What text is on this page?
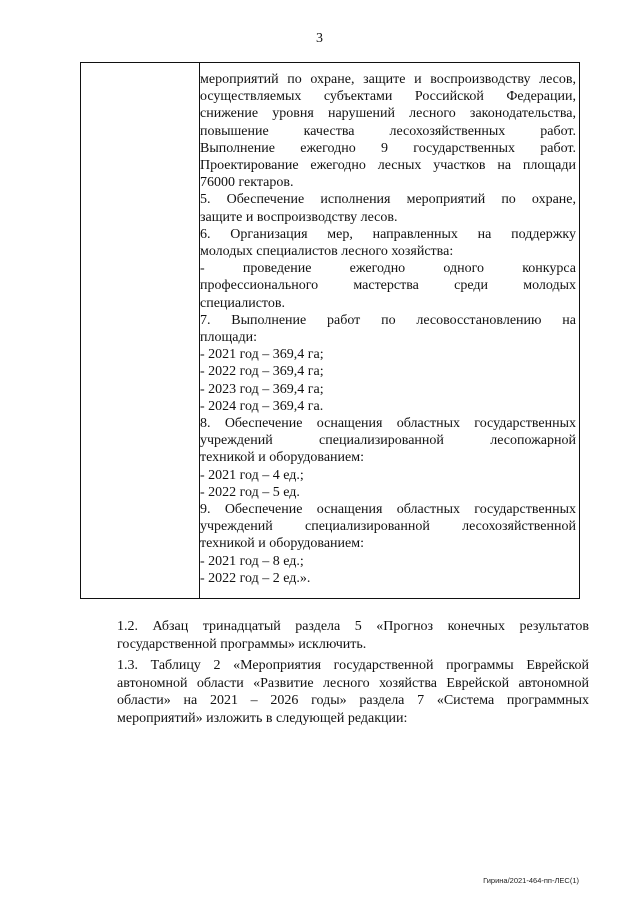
3
мероприятий по охране, защите и воспроизводству лесов,
осуществляемых субъектами Российской Федерации,
снижение уровня нарушений лесного законодательства,
повышение качества лесохозяйственных работ.
Выполнение ежегодно 9 государственных работ.
Проектирование ежегодно лесных участков на площади
76000 гектаров.
5. Обеспечение исполнения мероприятий по охране,
защите и воспроизводству лесов.
6. Организация мер, направленных на поддержку
молодых специалистов лесного хозяйства:
- проведение ежегодно одного конкурса
профессионального мастерства среди молодых
специалистов.
7. Выполнение работ по лесовосстановлению на
площади:
- 2021 год – 369,4 га;
- 2022 год – 369,4 га;
- 2023 год – 369,4 га;
- 2024 год – 369,4 га.
8. Обеспечение оснащения областных государственных
учреждений специализированной лесопожарной
техникой и оборудованием:
- 2021 год – 4 ед.;
- 2022 год – 5 ед.
9. Обеспечение оснащения областных государственных
учреждений специализированной лесохозяйственной
техникой и оборудованием:
- 2021 год – 8 ед.;
- 2022 год – 2 ед.».
1.2. Абзац тринадцатый раздела 5 «Прогноз конечных результатов
государственной программы» исключить.
1.3. Таблицу 2 «Мероприятия государственной программы Еврейской
автономной области «Развитие лесного хозяйства Еврейской автономной
области» на 2021 – 2026 годы» раздела 7 «Система программных
мероприятий» изложить в следующей редакции:
Гирина/2021-464-пп-ЛЕС(1)
